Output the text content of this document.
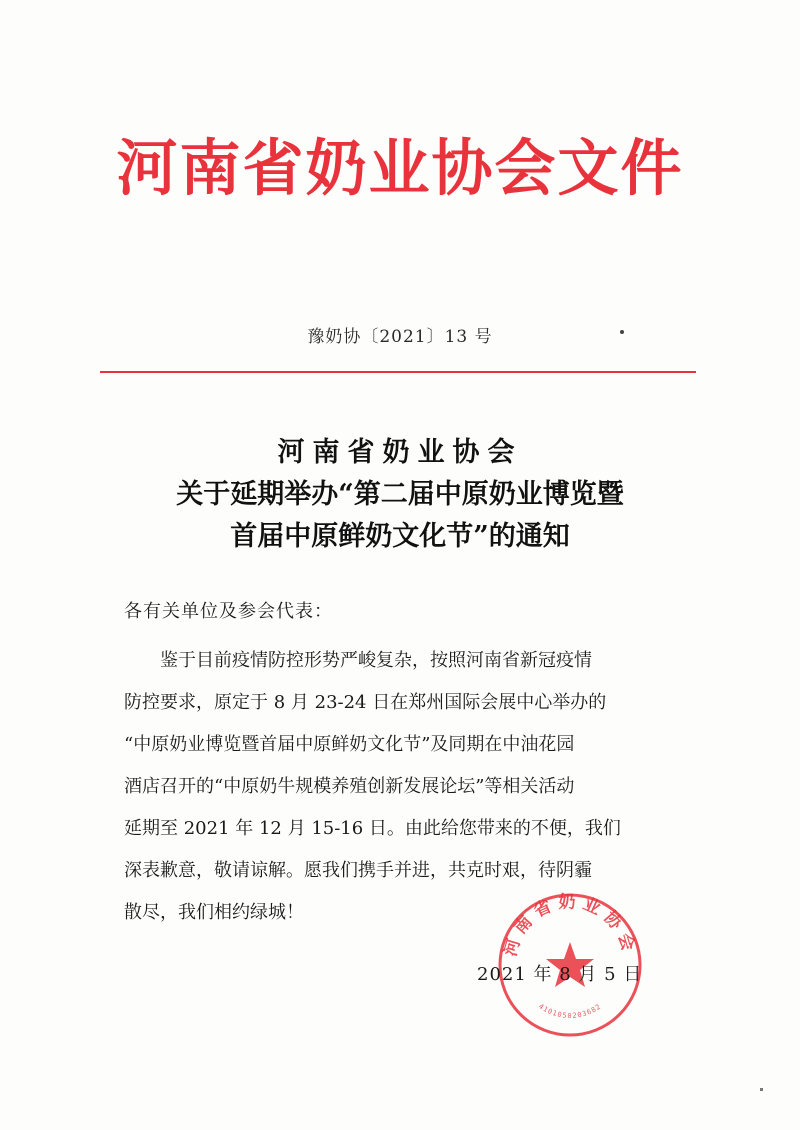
河南省奶业协会文件
豫奶协〔2021〕13 号
河南省奶业协会
关于延期举办“第二届中原奶业博览暨
首届中原鲜奶文化节”的通知
各有关单位及参会代表：
鉴于目前疫情防控形势严峻复杂，按照河南省新冠疫情
防控要求，原定于 8 月 23-24 日在郑州国际会展中心举办的
“中原奶业博览暨首届中原鲜奶文化节”及同期在中油花园
酒店召开的“中原奶牛规模养殖创新发展论坛”等相关活动
延期至 2021 年 12 月 15-16 日。由此给您带来的不便，我们
深表歉意，敬请谅解。愿我们携手并进，共克时艰，待阴霾
散尽，我们相约绿城！
河南省奶业协会
4101050203682
2021 年 8 月 5 日
